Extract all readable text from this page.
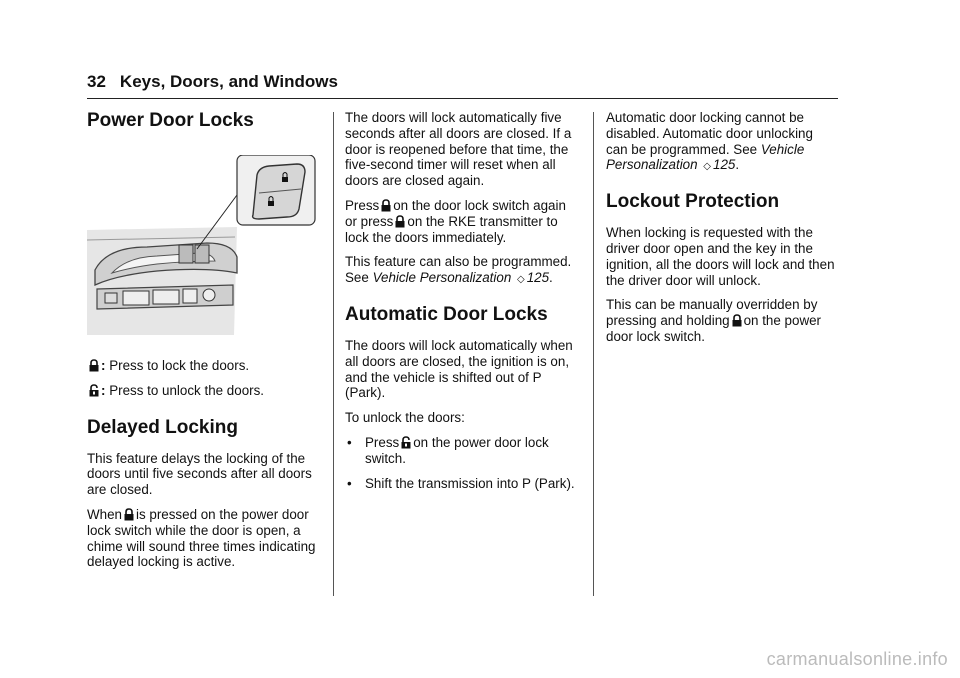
32 Keys, Doors, and Windows
Power Door Locks

: Press to lock the doors.

: Press to unlock the doors.

Delayed Locking

This feature delays the locking of the doors until five seconds after all doors are closed.

When is pressed on the power door lock switch while the door is open, a chime will sound three times indicating delayed locking is active.

The doors will lock automatically five seconds after all doors are closed. If a door is reopened before that time, the five-second timer will reset when all doors are closed again.

Press on the door lock switch again or press on the RKE transmitter to lock the doors immediately.

This feature can also be programmed. See Vehicle Personalization ◇ 125.

Automatic Door Locks

The doors will lock automatically when all doors are closed, the ignition is on, and the vehicle is shifted out of P (Park).

To unlock the doors:

• Press on the power door lock switch.

• Shift the transmission into P (Park).

Automatic door locking cannot be disabled. Automatic door unlocking can be programmed. See Vehicle Personalization ◇ 125.

Lockout Protection

When locking is requested with the driver door open and the key in the ignition, all the doors will lock and then the driver door will unlock.

This can be manually overridden by pressing and holding on the power door lock switch.

carmanualsonline.info
